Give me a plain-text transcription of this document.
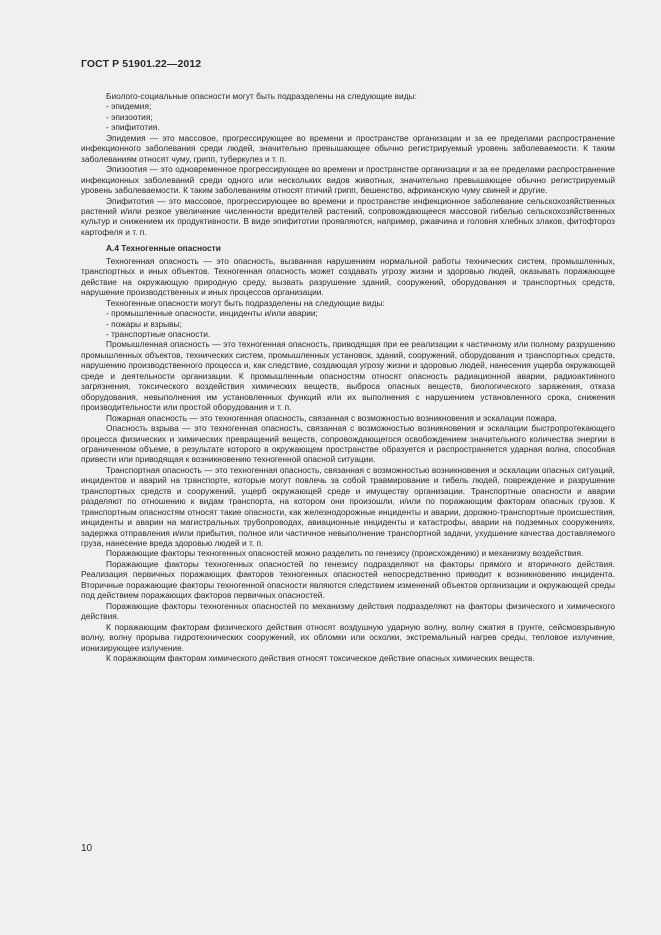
ГОСТ Р 51901.22—2012

Биолого-социальные опасности могут быть подразделены на следующие виды:

- эпидемия;
- эпизоотия;
- эпифитотия.

Эпидемия — это массовое, прогрессирующее во времени и пространстве организации и за ее пределами распространение инфекционного заболевания среди людей, значительно превышающее обычно регистрируемый уровень заболеваемости. К таким заболеваниям относят чуму, грипп, туберкулез и т. п.

Эпизоотия — это одновременное прогрессирующее во времени и пространстве организации и за ее пределами распространение инфекционных заболеваний среди одного или нескольких видов животных, значительно превышающее обычно регистрируемый уровень заболеваемости. К таким заболеваниям относят птичий грипп, бешенство, африканскую чуму свиней и другие.

Эпифитотия — это массовое, прогрессирующее во времени и пространстве инфекционное заболевание сельскохозяйственных растений и/или резкое увеличение численности вредителей растений, сопровождающееся массовой гибелью сельскохозяйственных культур и снижением их продуктивности. В виде эпифитотии проявляются, например, ржавчина и головня хлебных злаков, фитофтороз картофеля и т. п.

А.4 Техногенные опасности

Техногенная опасность — это опасность, вызванная нарушением нормальной работы технических систем, промышленных, транспортных и иных объектов. Техногенная опасность может создавать угрозу жизни и здоровью людей, оказывать поражающее действие на окружающую природную среду, вызвать разрушение зданий, сооружений, оборудования и транспортных средств, нарушение производственных и иных процессов организации.

Техногенные опасности могут быть подразделены на следующие виды:

- промышленные опасности, инциденты и/или аварии;
- пожары и взрывы;
- транспортные опасности.

Промышленная опасность — это техногенная опасность, приводящая при ее реализации к частичному или полному разрушению промышленных объектов, технических систем, промышленных установок, зданий, сооружений, оборудования и транспортных средств, нарушению производственного процесса и, как следствие, создающая угрозу жизни и здоровью людей, нанесения ущерба окружающей среде и деятельности организации. К промышленным опасностям относят опасность радиационной аварии, радиоактивного загрязнения, токсического воздействия химических веществ, выброса опасных веществ, биологического заражения, отказа оборудования, невыполнения им установленных функций или их выполнения с нарушением установленного срока, снижения производительности или простой оборудования и т. п.

Пожарная опасность — это техногенная опасность, связанная с возможностью возникновения и эскалации пожара.

Опасность взрыва — это техногенная опасность, связанная с возможностью возникновения и эскалации быстропротекающего процесса физических и химических превращений веществ, сопровождающегося освобождением значительного количества энергии в ограниченном объеме, в результате которого в окружающем пространстве образуется и распространяется ударная волна, способная привести или приводящая к возникновению техногенной опасной ситуации.

Транспортная опасность — это техногенная опасность, связанная с возможностью возникновения и эскалации опасных ситуаций, инцидентов и аварий на транспорте, которые могут повлечь за собой травмирование и гибель людей, повреждение и разрушение транспортных средств и сооружений, ущерб окружающей среде и имуществу организации. Транспортные опасности и аварии разделяют по отношению к видам транспорта, на котором они произошли, и/или по поражающим факторам опасных грузов. К транспортным опасностям относят такие опасности, как железнодорожные инциденты и аварии, дорожно-транспортные происшествия, инциденты и аварии на магистральных трубопроводах, авиационные инциденты и катастрофы, аварии на подземных сооружениях, задержка отправления и/или прибытия, полное или частичное невыполнение транспортной задачи, ухудшение качества доставляемого груза, нанесение вреда здоровью людей и т. п.

Поражающие факторы техногенных опасностей можно разделить по генезису (происхождению) и механизму воздействия.

Поражающие факторы техногенных опасностей по генезису подразделяют на факторы прямого и вторичного действия. Реализация первичных поражающих факторов техногенных опасностей непосредственно приводит к возникновению инцидента. Вторичные поражающие факторы техногенной опасности являются следствием изменений объектов организации и окружающей среды под действием поражающих факторов первичных опасностей.

Поражающие факторы техногенных опасностей по механизму действия подразделяют на факторы физического и химического действия.

К поражающим факторам физического действия относят воздушную ударную волну, волну сжатия в грунте, сейсмовзрывную волну, волну прорыва гидротехнических сооружений, их обломки или осколки, экстремальный нагрев среды, тепловое излучение, ионизирующее излучение.

К поражающим факторам химического действия относят токсическое действие опасных химических веществ.

10
